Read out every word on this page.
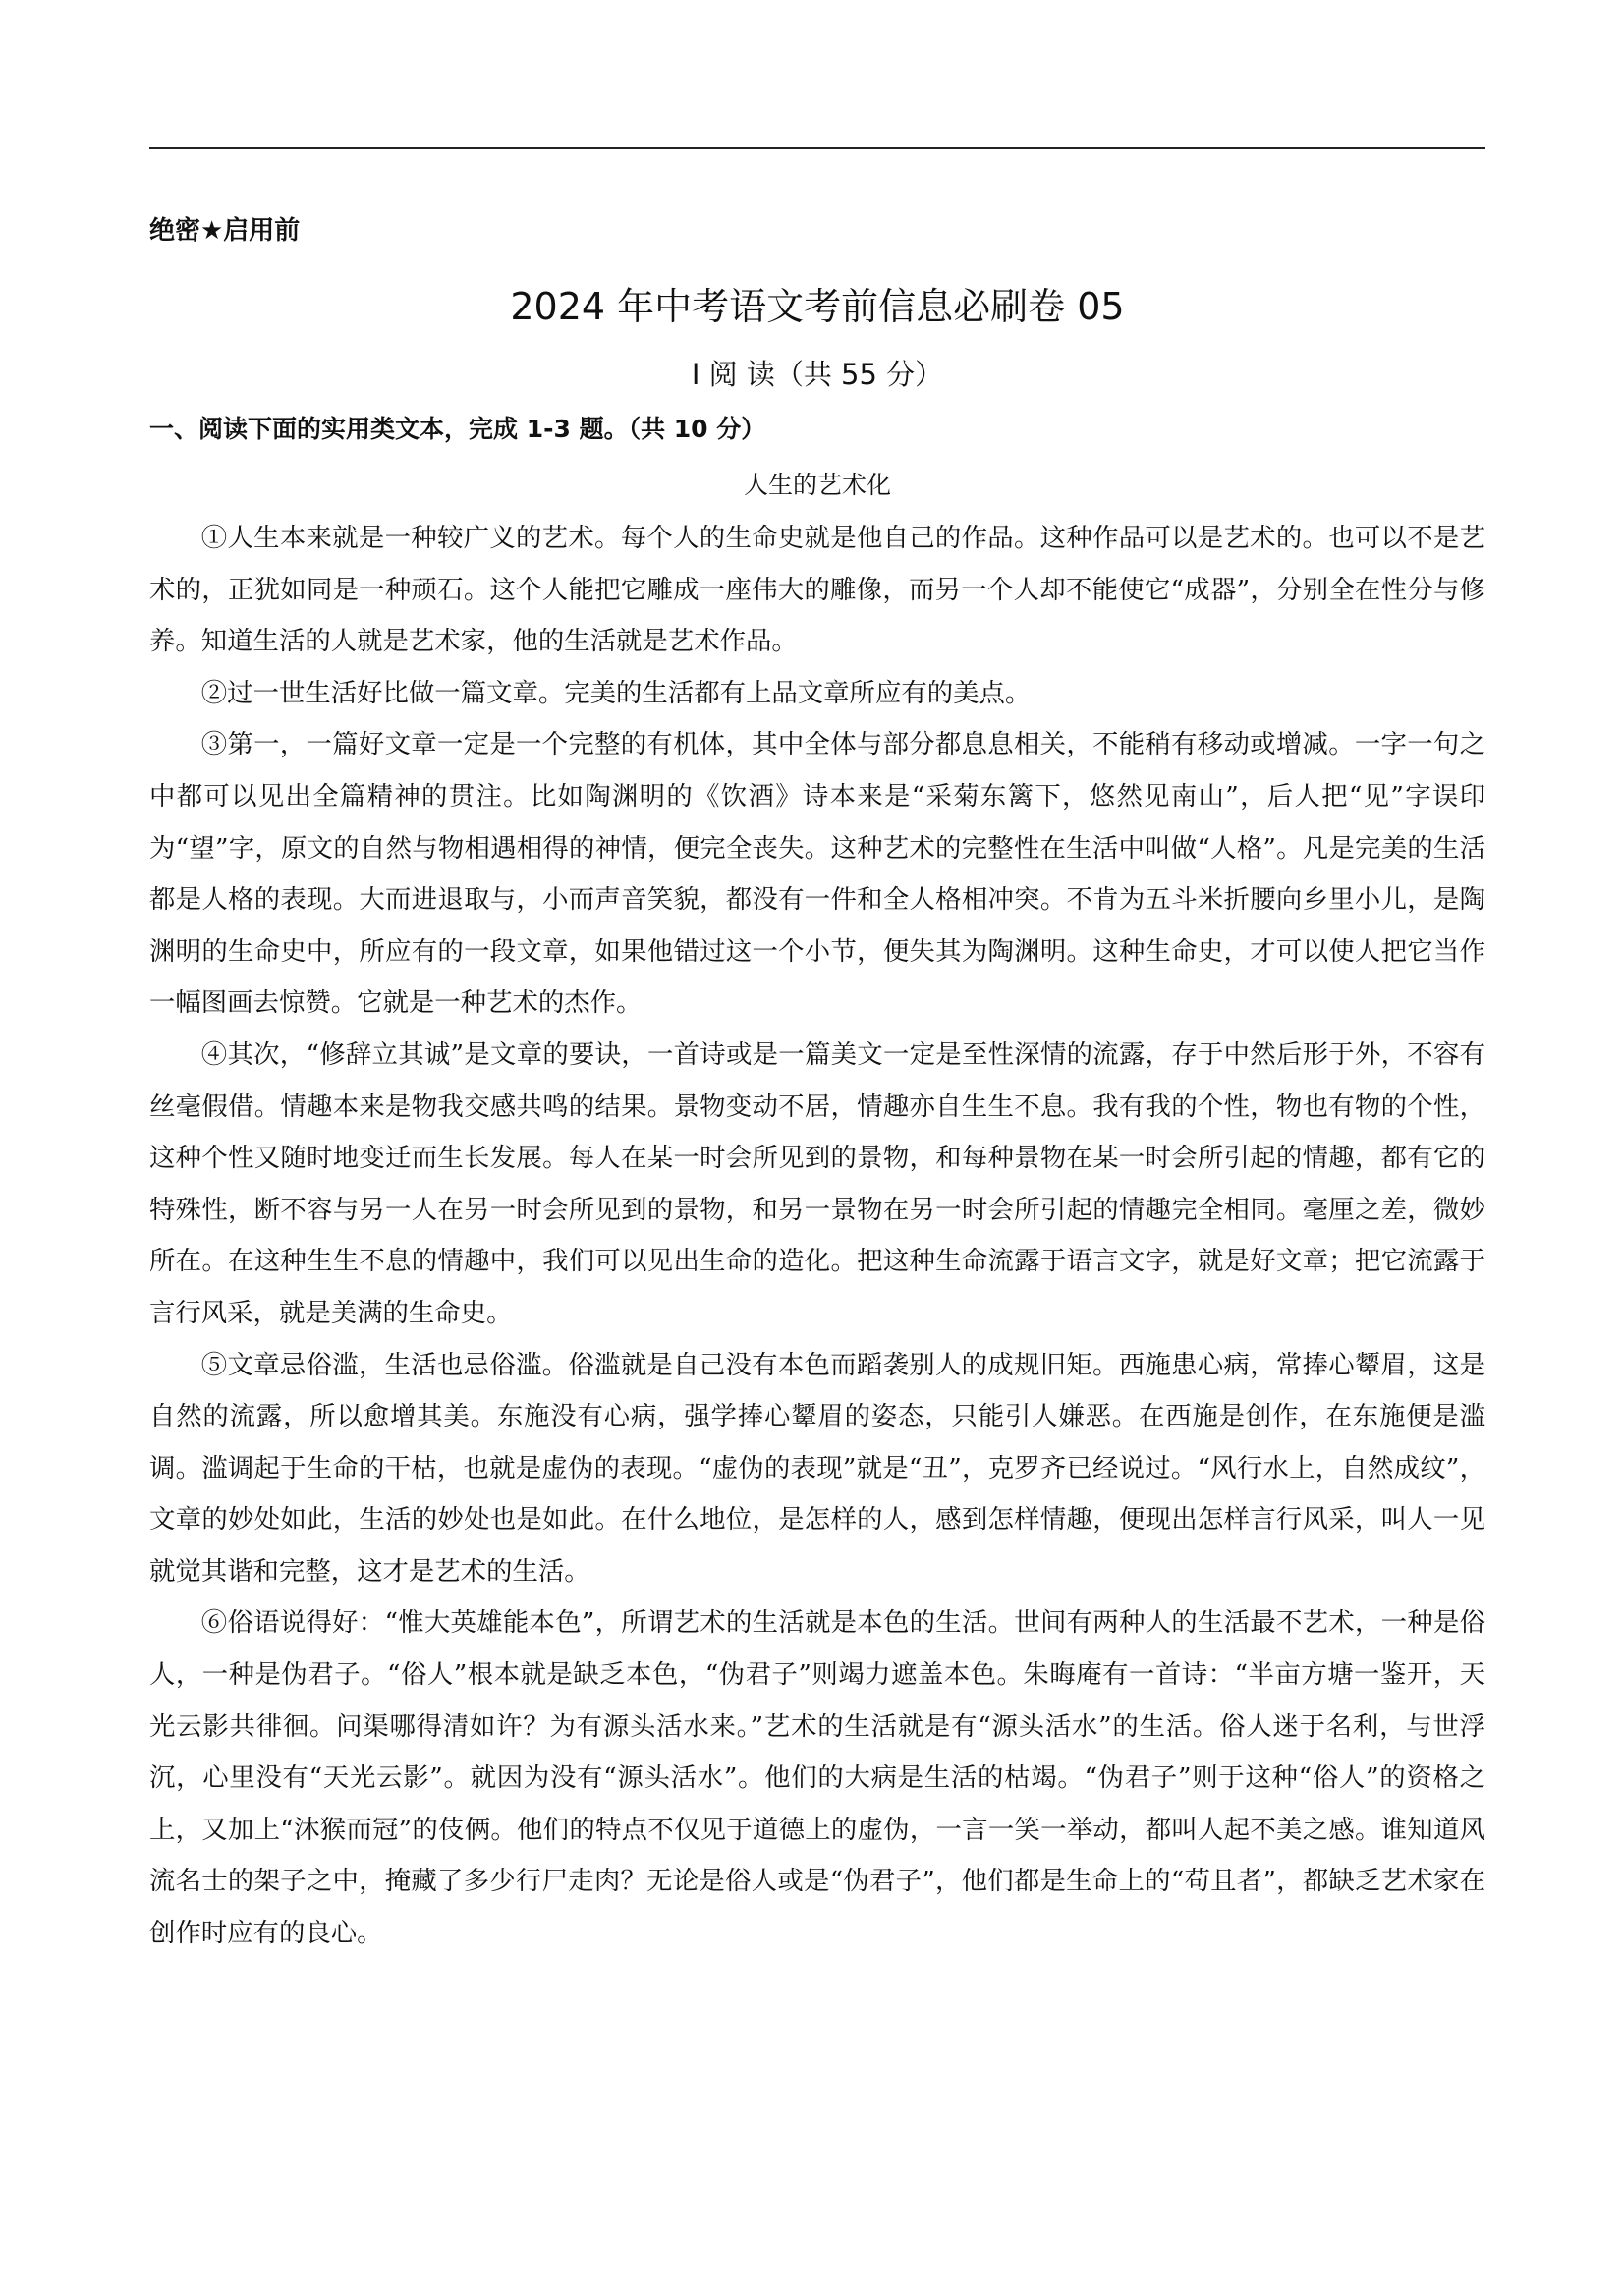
绝密★启用前
2024 年中考语文考前信息必刷卷 05
Ⅰ 阅 读（共 55 分）
一、阅读下面的实用类文本，完成 1-3 题。（共 10 分）
人生的艺术化

①人生本来就是一种较广义的艺术。每个人的生命史就是他自己的作品。这种作品可以是艺术的。也可以不是艺术的，正犹如同是一种顽石。这个人能把它雕成一座伟大的雕像，而另一个人却不能使它“成器”，分别全在性分与修养。知道生活的人就是艺术家，他的生活就是艺术作品。

②过一世生活好比做一篇文章。完美的生活都有上品文章所应有的美点。

③第一，一篇好文章一定是一个完整的有机体，其中全体与部分都息息相关，不能稍有移动或增减。一字一句之中都可以见出全篇精神的贯注。比如陶渊明的《饮酒》诗本来是“采菊东篱下，悠然见南山”，后人把“见”字误印为“望”字，原文的自然与物相遇相得的神情，便完全丧失。这种艺术的完整性在生活中叫做“人格”。凡是完美的生活都是人格的表现。大而进退取与，小而声音笑貌，都没有一件和全人格相冲突。不肯为五斗米折腰向乡里小儿，是陶渊明的生命史中，所应有的一段文章，如果他错过这一个小节，便失其为陶渊明。这种生命史，才可以使人把它当作一幅图画去惊赞。它就是一种艺术的杰作。

④其次，“修辞立其诚”是文章的要诀，一首诗或是一篇美文一定是至性深情的流露，存于中然后形于外，不容有丝毫假借。情趣本来是物我交感共鸣的结果。景物变动不居，情趣亦自生生不息。我有我的个性，物也有物的个性，这种个性又随时地变迁而生长发展。每人在某一时会所见到的景物，和每种景物在某一时会所引起的情趣，都有它的特殊性，断不容与另一人在另一时会所见到的景物，和另一景物在另一时会所引起的情趣完全相同。毫厘之差，微妙所在。在这种生生不息的情趣中，我们可以见出生命的造化。把这种生命流露于语言文字，就是好文章；把它流露于言行风采，就是美满的生命史。

⑤文章忌俗滥，生活也忌俗滥。俗滥就是自己没有本色而蹈袭别人的成规旧矩。西施患心病，常捧心颦眉，这是自然的流露，所以愈增其美。东施没有心病，强学捧心颦眉的姿态，只能引人嫌恶。在西施是创作，在东施便是滥调。滥调起于生命的干枯，也就是虚伪的表现。“虚伪的表现”就是“丑”，克罗齐已经说过。“风行水上，自然成纹”，文章的妙处如此，生活的妙处也是如此。在什么地位，是怎样的人，感到怎样情趣，便现出怎样言行风采，叫人一见就觉其谐和完整，这才是艺术的生活。

⑥俗语说得好：“惟大英雄能本色”，所谓艺术的生活就是本色的生活。世间有两种人的生活最不艺术，一种是俗人，一种是伪君子。“俗人”根本就是缺乏本色，“伪君子”则竭力遮盖本色。朱晦庵有一首诗：“半亩方塘一鉴开，天光云影共徘徊。问渠哪得清如许？为有源头活水来。”艺术的生活就是有“源头活水”的生活。俗人迷于名利，与世浮沉，心里没有“天光云影”。就因为没有“源头活水”。他们的大病是生活的枯竭。“伪君子”则于这种“俗人”的资格之上，又加上“沐猴而冠”的伎俩。他们的特点不仅见于道德上的虚伪，一言一笑一举动，都叫人起不美之感。谁知道风流名士的架子之中，掩藏了多少行尸走肉？无论是俗人或是“伪君子”，他们都是生命上的“苟且者”，都缺乏艺术家在创作时应有的良心。
